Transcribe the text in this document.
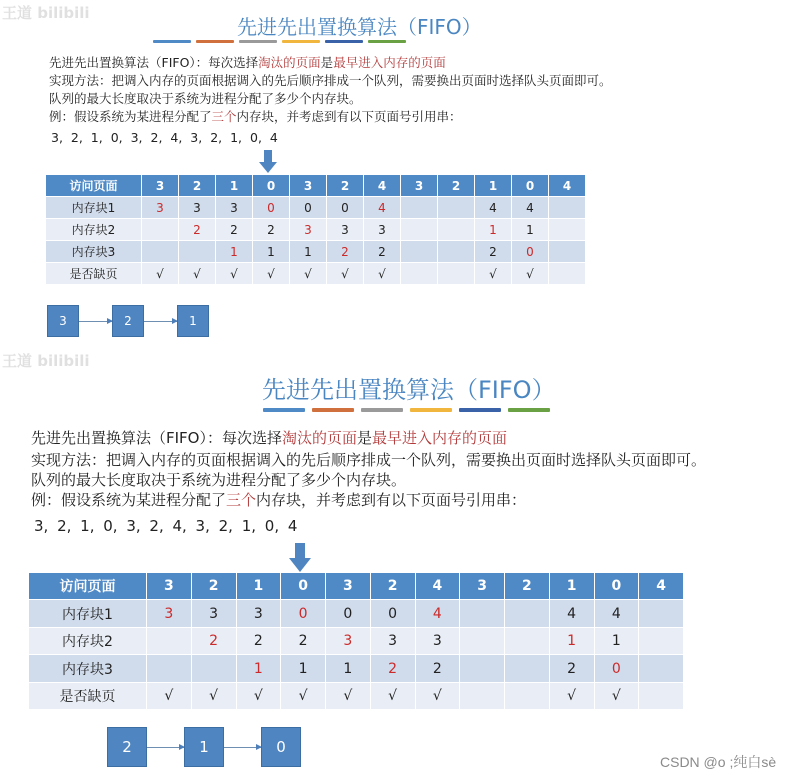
王道 bilibili
王道 bilibili
先进先出置换算法（FIFO）
先进先出置换算法（FIFO）：每次选择淘汰的页面是最早进入内存的页面
实现方法：把调入内存的页面根据调入的先后顺序排成一个队列，需要换出页面时选择队头页面即可。
队列的最大长度取决于系统为进程分配了多少个内存块。
例：假设系统为某进程分配了三个内存块，并考虑到有以下页面号引用串：
3, 2, 1, 0, 3, 2, 4, 3, 2, 1, 0, 4
访问页面	3	2	1	0	3	2	4	3	2	1	0	4
内存块1	3	3	3	0	0	0	4			4	4	
内存块2		2	2	2	3	3	3			1	1	
内存块3			1	1	1	2	2			2	0	
是否缺页	√	√	√	√	√	√	√			√	√	
3	2	1
先进先出置换算法（FIFO）
先进先出置换算法（FIFO）：每次选择淘汰的页面是最早进入内存的页面
实现方法：把调入内存的页面根据调入的先后顺序排成一个队列，需要换出页面时选择队头页面即可。
队列的最大长度取决于系统为进程分配了多少个内存块。
例：假设系统为某进程分配了三个内存块，并考虑到有以下页面号引用串：
3, 2, 1, 0, 3, 2, 4, 3, 2, 1, 0, 4
访问页面	3	2	1	0	3	2	4	3	2	1	0	4
内存块1	3	3	3	0	0	0	4			4	4	
内存块2		2	2	2	3	3	3			1	1	
内存块3			1	1	1	2	2			2	0	
是否缺页	√	√	√	√	√	√	√			√	√	
2	1	0
CSDN @o ;纯白sè
